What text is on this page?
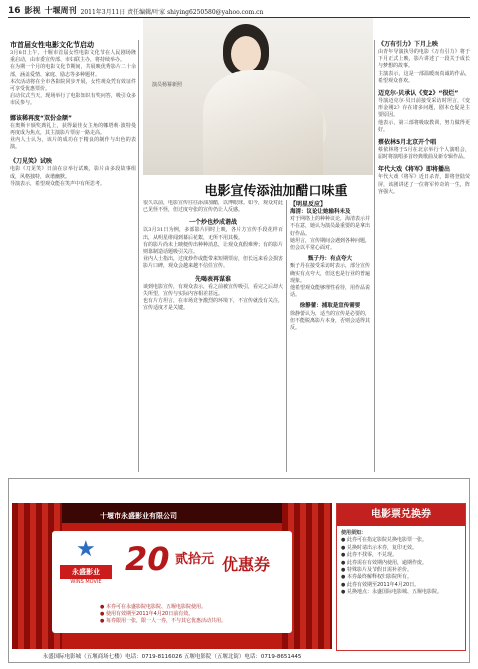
16 影视 十堰周刊 2011年3月11日 责任编辑/叶家 shiying6250580@yahoo.com.cn
演员杨幂新照
电影宣传添油加醋口味重
市首届女性电影文化节启动
3月8日上午，十堰市首届女性电影文化节在人民剧场隆重启动，由市委宣传部、市妇联主办，将持续举办。
在为期一个月的电影文化节期间，共展映优秀影片二十余部，涵盖爱情、家庭、励志等多种题材。
本次活动将在全市各影院同步开展，女性观众凭有效证件可享受优惠票价。
启动仪式当天，现场举行了电影知识有奖问答，吸引众多市民参与。
娜该稀再度“双份金额”
在奥斯卡颁奖典礼上，获得最佳女主角的娜塔莉·波特曼再度成为焦点，其主演影片票房一路走高。
业内人士认为，该片的成功在于精良的制作与出色的表演。
《刀见笑》试映
电影《刀见笑》日前在京举行试映，影片由多段故事组成，风格独特，诙谐幽默。
导演表示，希望观众能在笑声中有所思考。
很久以前，电影宣传往往添油加醋，以博眼球。如今，观众对此已见怪不怪，但过度夸张的宣传仍让人反感。
一个炒也炒成谐战
以3月31日为例，多部影片同时上映，各片方宣传手段花样百出，从明星绯闻到幕后花絮，无所不用其极。
有的影片尚未上映便传出种种消息，让观众真假难辨；有的影片则靠制造话题吸引关注。
业内人士指出，过度炒作或能带来短期票房，但长远来看会损害影片口碑，观众会越来越不信任宣传。
先喝表再谋谁
谈到电影宣传，有观众表示，看之前被宣传吸引，看完之后却大失所望，宣传与实际内容相差甚远。
也有片方坦言，在市场竞争激烈的环境下，不宣传就没有关注，宣传适度才是关键。
【明星反应】
海清：议论让她输科未及
对于网络上的种种议论，海清表示并不在意，她认为演员最重要的是拿出好作品。
她坦言，宣传期间会遇到各种问题，但会以平常心面对。
甄子丹：有点夸大
甄子丹在接受采访时表示，部分宣传确实有点夸大，但这也是行业的普遍现象。
他希望观众能够理性看待，用作品说话。
徐静蕾：捕取是宣传需要
徐静蕾认为，适当的宣传是必要的，但不能脱离影片本身，否则会适得其反。
《万有引力》下月上映
由青年导演执导的电影《万有引力》将于下月正式上映，影片讲述了一段关于成长与梦想的故事。
主演表示，这是一部温暖而真诚的作品，希望观众喜欢。
迈克尔·贝承认《变2》“很烂”
导演迈克尔·贝日前接受采访时坦言，《变形金刚2》存在诸多问题，剧本仓促是主要原因。
他表示，第三部将吸取教训，努力做得更好。
蔡依林5月北京开个唱
蔡依林将于5月在北京举行个人演唱会，届时将演唱多首经典歌曲及新专辑作品。
年代大戏《将军》即将播出
年代大戏《将军》近日杀青，即将登陆荧屏，该剧讲述了一位将军传奇的一生，阵容强大。
十堰市永盛影业有限公司
★
永盛影业
WINS MOVIE
20 贰拾元 优惠券
● 本券可在永盛影院电影院、五堰电影院使用。
● 使用有效期至2011年4月20日前有效。
● 每券限用一张，限一人一券，不与其它优惠活动共用。
永盛国际电影城（五堰商场七楼）电话：0719-8116026 五堰电影院（五堰北街）电话：0719-8651445
电影票兑换券
使用须知：
● 此券可在指定影院兑换电影票一张。
● 兑换时请出示本券，复印无效。
● 此券不找零，不兑现。
● 此券需在有效期内使用，逾期作废。
● 特殊影片及节假日需补差价。
● 本券最终解释权归影院所有。
● 此券有效期至2011年4月20日。
● 兑换地点：永盛国际电影城、五堰电影院。
